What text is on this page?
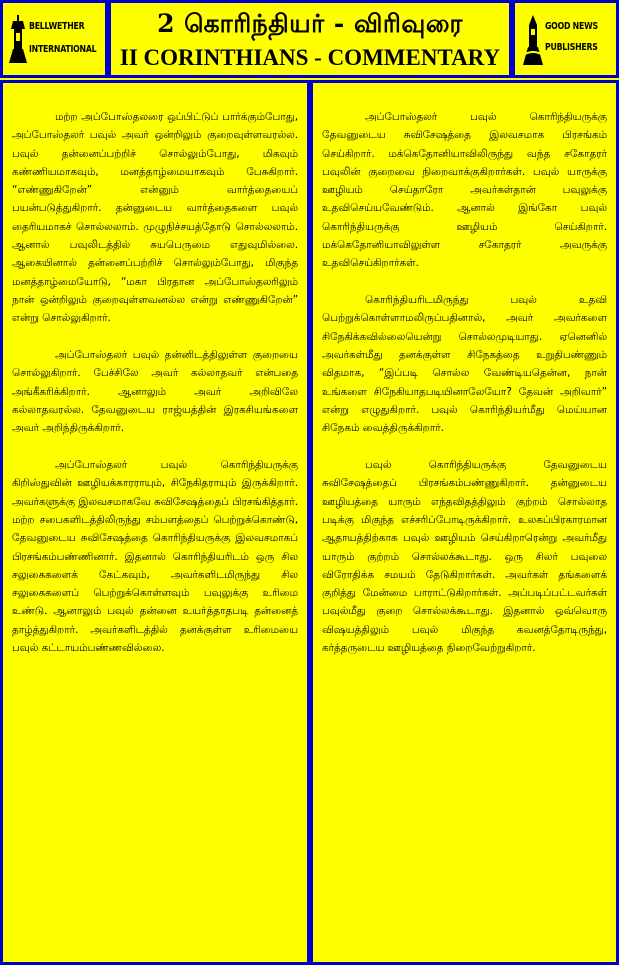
BELLWETHER
INTERNATIONAL
2 கொரிந்தியர் - விரிவுரை
II CORINTHIANS - COMMENTARY
GOOD NEWS
PUBLISHERS

மற்ற அப்போஸ்தலரை ஒப்பிட்டுப் பார்க்கும்போது, அப்போஸ்தலர் பவுல் அவர் ஒன்றிலும் குறைவுள்ளவரல்ல. பவுல் தன்னைப்பற்றிச் சொல்லும்போது, மிகவும் கண்ணியமாகவும், மனத்தாழ்மையாகவும் பேசுகிறார். “எண்ணுகிறேன்” என்னும் வார்த்தையைப் பயன்படுத்துகிறார். தன்னுடைய வார்த்தைகளை பவுல் தைரியமாகச் சொல்லலாம். முழுநிச்சயத்தோடு சொல்லலாம். ஆனால் பவுலிடத்தில் சுயபெருமை எதுவுமில்லை. ஆகையினால் தன்னைப்பற்றிச் சொல்லும்போது, மிகுந்த மனத்தாழ்மையோடு, “மகா பிரதான அப்போஸ்தலரிலும் நான் ஒன்றிலும் குறைவுள்ளவனல்ல என்று எண்ணுகிறேன்” என்று சொல்லுகிறார்.

அப்போஸ்தலர் பவுல் தன்னிடத்திலுள்ள குறையை சொல்லுகிறார். பேச்சிலே அவர் கல்லாதவர் என்பதை அங்கீகரிக்கிறார். ஆனாலும் அவர் அறிவிலே கல்லாதவரல்ல. தேவனுடைய ராஜ்யத்தின் இரகசியங்களை அவர் அறிந்திருக்கிறார்.

அப்போஸ்தலர் பவுல் கொரிந்தியருக்கு கிறிஸ்துவின் ஊழியக்காரராயும், சிநேகிதராயும் இருக்கிறார். அவர்களுக்கு இலவசமாகவே சுவிசேஷத்தைப் பிரசங்கித்தார். மற்ற சபைகளிடத்திலிருந்து சம்பளத்தைப் பெற்றுக்கொண்டு, தேவனுடைய சுவிசேஷத்தை கொரிந்தியருக்கு இலவசமாகப் பிரசங்கம்பண்ணினார். இதனால் கொரிந்தியரிடம் ஒரு சில சலுகைகளைக் கேட்கவும், அவர்களிடமிருந்து சில சலுகைகளைப் பெற்றுக்கொள்ளவும் பவுலுக்கு உரிமை உண்டு. ஆனாலும் பவுல் தன்னை உயர்த்தாதபடி தன்னைத் தாழ்த்துகிறார். அவர்களிடத்தில் தனக்குள்ள உரிமையை பவுல் கட்டாயம்பண்ணவில்லை.

அப்போஸ்தலர் பவுல் கொரிந்தியருக்கு தேவனுடைய சுவிசேஷத்தை இலவசமாக பிரசங்கம் செய்கிறார். மக்கெதோனியாவிலிருந்து வந்த சகோதரர் பவுலின் குறைவை நிறைவாக்குகிறார்கள். பவுல் யாருக்கு ஊழியம் செய்தாரோ அவர்கள்தான் பவுலுக்கு உதவிசெய்யவேண்டும். ஆனால் இங்கோ பவுல் கொரிந்தியருக்கு ஊழியம் செய்கிறார். மக்கெதோனியாவிலுள்ள சகோதரர் அவருக்கு உதவிசெய்கிறார்கள்.

கொரிந்தியரிடமிருந்து பவுல் உதவி பெற்றுக்கொள்ளாமலிருப்பதினால், அவர் அவர்களை சிநேகிக்கவில்லையென்று சொல்லமுடியாது. ஏனெனில் அவர்கள்மீது தனக்குள்ள சிநேகத்தை உறுதிபண்ணும் விதமாக, “இப்படி சொல்ல வேண்டியதென்ன, நான் உங்களை சிநேகியாதபடியினாலேயோ? தேவன் அறிவார்” என்று எழுதுகிறார். பவுல் கொரிந்தியர்மீது மெய்யான சிநேகம் வைத்திருக்கிறார்.

பவுல் கொரிந்தியருக்கு தேவனுடைய சுவிசேஷத்தைப் பிரசங்கம்பண்ணுகிறார். தன்னுடைய ஊழியத்தை யாரும் எந்தவிதத்திலும் குற்றம் சொல்லாத படிக்கு மிகுந்த எச்சரிப்போடிருக்கிறார். உலகப்பிரகாரமான ஆதாயத்திற்காக பவுல் ஊழியம் செய்கிறாரென்று அவர்மீது யாரும் குற்றம் சொல்லக்கூடாது. ஒரு சிலர் பவுலை விரோதிக்க சமயம் தேடுகிறார்கள். அவர்கள் தங்களைக் குறித்து மேன்மை பாராட்டுகிறார்கள். அப்படிப்பட்டவர்கள் பவுல்மீது குறை சொல்லக்கூடாது. இதனால் ஒவ்வொரு விஷயத்திலும் பவுல் மிகுந்த கவனத்தோடிருந்து, கர்த்தருடைய ஊழியத்தை நிறைவேற்றுகிறார்.
